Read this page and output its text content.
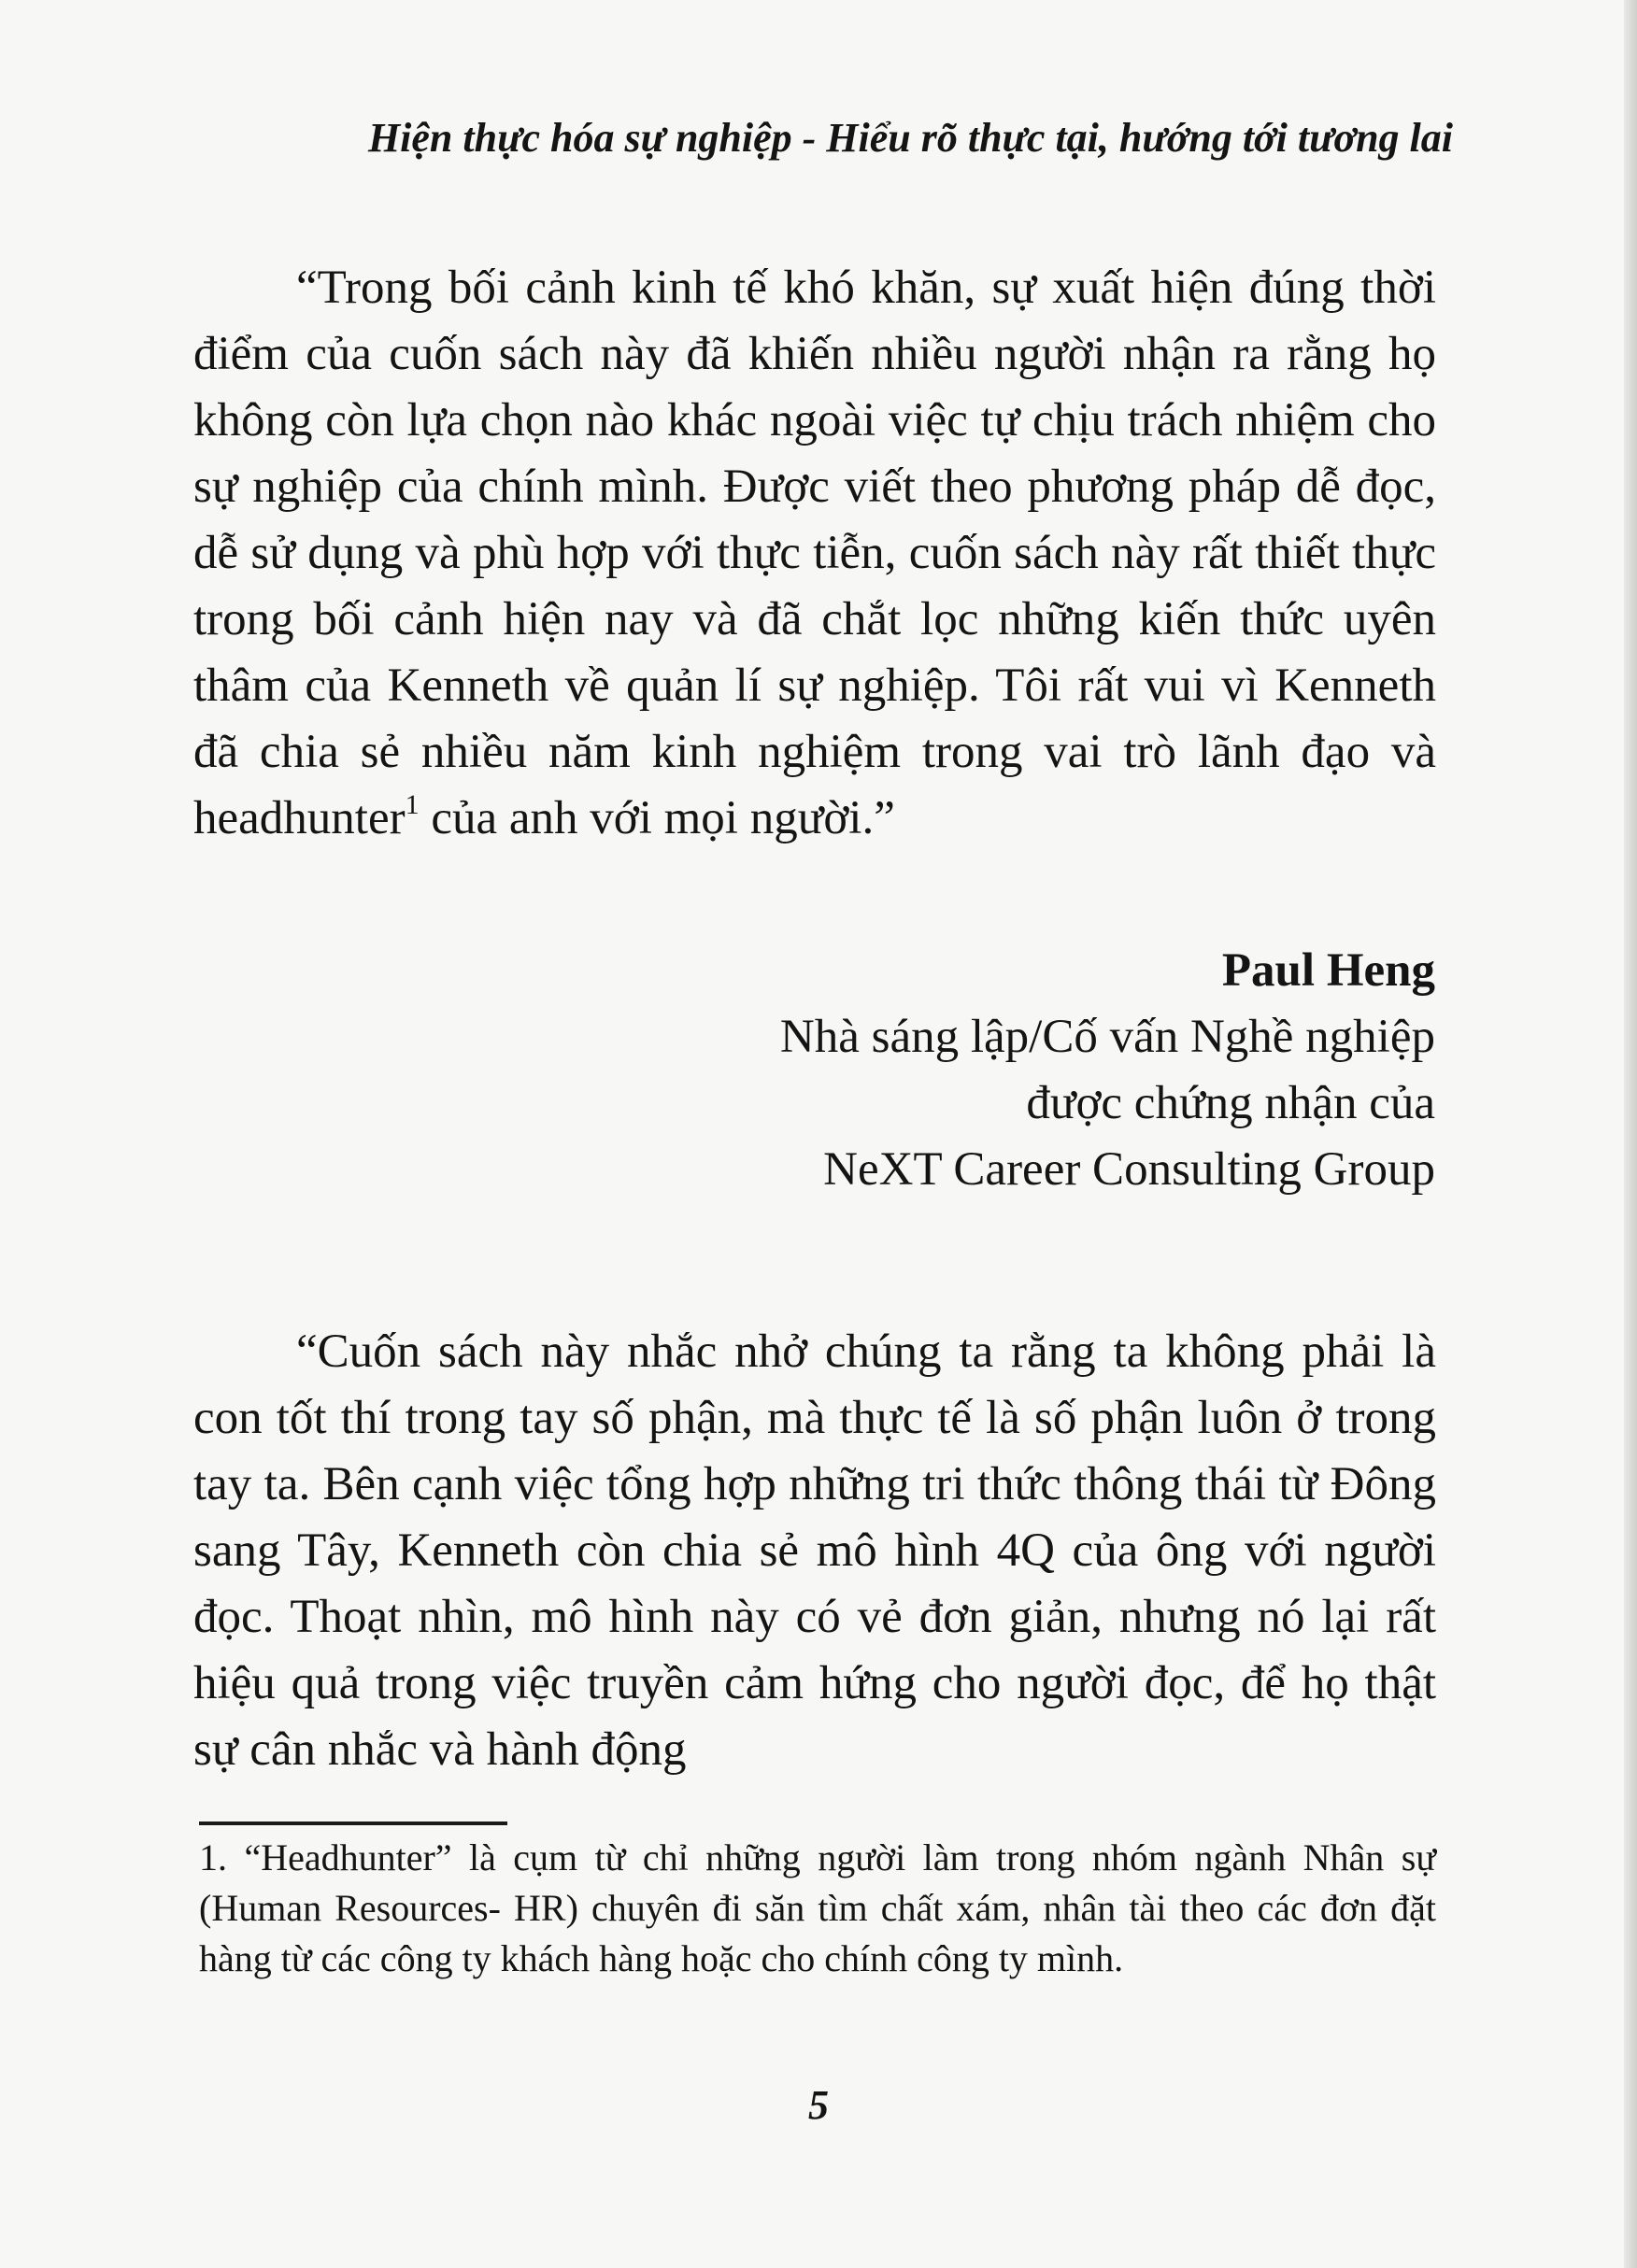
Hiện thực hóa sự nghiệp - Hiểu rõ thực tại, hướng tới tương lai

“Trong bối cảnh kinh tế khó khăn, sự xuất hiện đúng thời điểm của cuốn sách này đã khiến nhiều người nhận ra rằng họ không còn lựa chọn nào khác ngoài việc tự chịu trách nhiệm cho sự nghiệp của chính mình. Được viết theo phương pháp dễ đọc, dễ sử dụng và phù hợp với thực tiễn, cuốn sách này rất thiết thực trong bối cảnh hiện nay và đã chắt lọc những kiến thức uyên thâm của Kenneth về quản lí sự nghiệp. Tôi rất vui vì Kenneth đã chia sẻ nhiều năm kinh nghiệm trong vai trò lãnh đạo và headhunter$^1$ của anh với mọi người.”

Paul Heng
Nhà sáng lập/Cố vấn Nghề nghiệp
được chứng nhận của
NeXT Career Consulting Group

“Cuốn sách này nhắc nhở chúng ta rằng ta không phải là con tốt thí trong tay số phận, mà thực tế là số phận luôn ở trong tay ta. Bên cạnh việc tổng hợp những tri thức thông thái từ Đông sang Tây, Kenneth còn chia sẻ mô hình 4Q của ông với người đọc. Thoạt nhìn, mô hình này có vẻ đơn giản, nhưng nó lại rất hiệu quả trong việc truyền cảm hứng cho người đọc, để họ thật sự cân nhắc và hành động

1. “Headhunter” là cụm từ chỉ những người làm trong nhóm ngành Nhân sự (Human Resources- HR) chuyên đi săn tìm chất xám, nhân tài theo các đơn đặt hàng từ các công ty khách hàng hoặc cho chính công ty mình.

5
